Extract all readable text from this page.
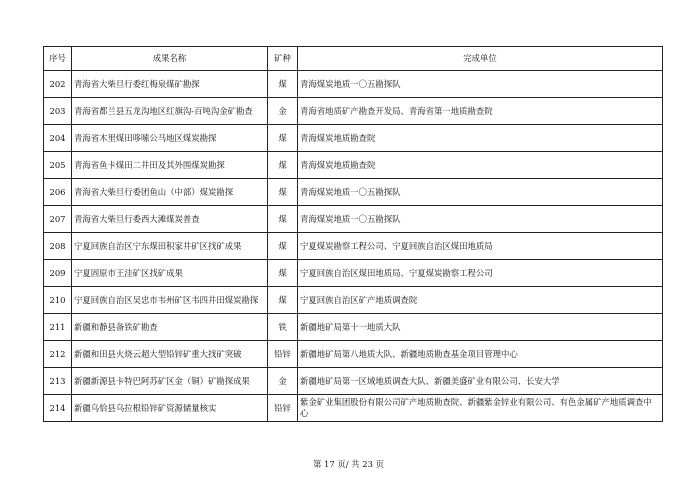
序号	成果名称	矿种	完成单位
202	青海省大柴旦行委红梅泉煤矿勘探	煤	青海煤炭地质一〇五勘探队
203	青海省都兰县五龙沟地区红旗沟-百吨沟金矿勘查	金	青海省地质矿产勘查开发局、青海省第一地质勘查院
204	青海省木里煤田哆嗦公马地区煤炭勘探	煤	青海煤炭地质勘查院
205	青海省鱼卡煤田二井田及其外围煤炭勘探	煤	青海煤炭地质勘查院
206	青海省大柴旦行委团鱼山（中部）煤炭勘探	煤	青海煤炭地质一〇五勘探队
207	青海省大柴旦行委西大滩煤炭普查	煤	青海煤炭地质一〇五勘探队
208	宁夏回族自治区宁东煤田积家井矿区找矿成果	煤	宁夏煤炭勘察工程公司、宁夏回族自治区煤田地质局
209	宁夏固原市王洼矿区找矿成果	煤	宁夏回族自治区煤田地质局、宁夏煤炭勘察工程公司
210	宁夏回族自治区吴忠市韦州矿区韦四井田煤炭勘探	煤	宁夏回族自治区矿产地质调查院
211	新疆和静县备铁矿勘查	铁	新疆地矿局第十一地质大队
212	新疆和田县火烧云超大型铅锌矿重大找矿突破	铅锌	新疆地矿局第八地质大队、新疆地质勘查基金项目管理中心
213	新疆新源县卡特巴阿苏矿区金（铜）矿勘探成果	金	新疆地矿局第一区域地质调查大队、新疆美盛矿业有限公司、长安大学
214	新疆乌恰县乌拉根铅锌矿资源储量核实	铅锌	紫金矿业集团股份有限公司矿产地质勘查院、新疆紫金锌业有限公司、有色金属矿产地质调查中心
第 17 页/ 共 23 页
